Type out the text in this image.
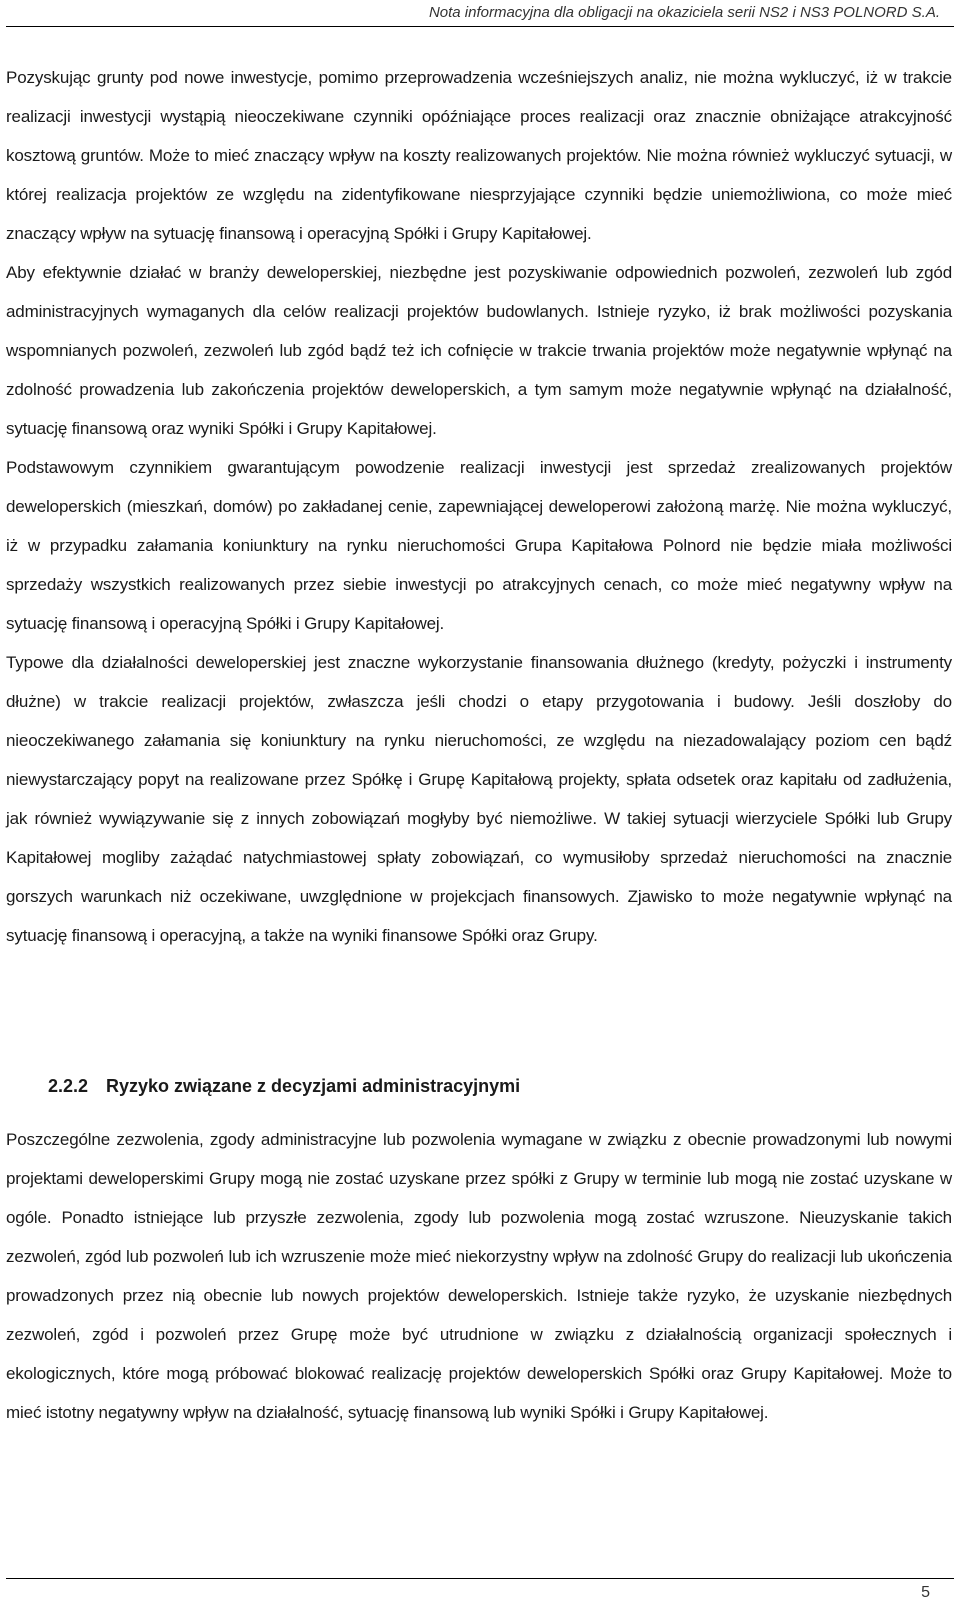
Nota informacyjna dla obligacji na okaziciela serii NS2 i NS3 POLNORD S.A.

Pozyskując grunty pod nowe inwestycje, pomimo przeprowadzenia wcześniejszych analiz, nie można wykluczyć, iż w trakcie realizacji inwestycji wystąpią nieoczekiwane czynniki opóźniające proces realizacji oraz znacznie obniżające atrakcyjność kosztową gruntów. Może to mieć znaczący wpływ na koszty realizowanych projektów. Nie można również wykluczyć sytuacji, w której realizacja projektów ze względu na zidentyfikowane niesprzyjające czynniki będzie uniemożliwiona, co może mieć znaczący wpływ na sytuację finansową i operacyjną Spółki i Grupy Kapitałowej.

Aby efektywnie działać w branży deweloperskiej, niezbędne jest pozyskiwanie odpowiednich pozwoleń, zezwoleń lub zgód administracyjnych wymaganych dla celów realizacji projektów budowlanych. Istnieje ryzyko, iż brak możliwości pozyskania wspomnianych pozwoleń, zezwoleń lub zgód bądź też ich cofnięcie w trakcie trwania projektów może negatywnie wpłynąć na zdolność prowadzenia lub zakończenia projektów deweloperskich, a tym samym może negatywnie wpłynąć na działalność, sytuację finansową oraz wyniki Spółki i Grupy Kapitałowej.

Podstawowym czynnikiem gwarantującym powodzenie realizacji inwestycji jest sprzedaż zrealizowanych projektów deweloperskich (mieszkań, domów) po zakładanej cenie, zapewniającej deweloperowi założoną marżę. Nie można wykluczyć, iż w przypadku załamania koniunktury na rynku nieruchomości Grupa Kapitałowa Polnord nie będzie miała możliwości sprzedaży wszystkich realizowanych przez siebie inwestycji po atrakcyjnych cenach, co może mieć negatywny wpływ na sytuację finansową i operacyjną Spółki i Grupy Kapitałowej.

Typowe dla działalności deweloperskiej jest znaczne wykorzystanie finansowania dłużnego (kredyty, pożyczki i instrumenty dłużne) w trakcie realizacji projektów, zwłaszcza jeśli chodzi o etapy przygotowania i budowy. Jeśli doszłoby do nieoczekiwanego załamania się koniunktury na rynku nieruchomości, ze względu na niezadowalający poziom cen bądź niewystarczający popyt na realizowane przez Spółkę i Grupę Kapitałową projekty, spłata odsetek oraz kapitału od zadłużenia, jak również wywiązywanie się z innych zobowiązań mogłyby być niemożliwe. W takiej sytuacji wierzyciele Spółki lub Grupy Kapitałowej mogliby zażądać natychmiastowej spłaty zobowiązań, co wymusiłoby sprzedaż nieruchomości na znacznie gorszych warunkach niż oczekiwane, uwzględnione w projekcjach finansowych. Zjawisko to może negatywnie wpłynąć na sytuację finansową i operacyjną, a także na wyniki finansowe Spółki oraz Grupy.

2.2.2 Ryzyko związane z decyzjami administracyjnymi

Poszczególne zezwolenia, zgody administracyjne lub pozwolenia wymagane w związku z obecnie prowadzonymi lub nowymi projektami deweloperskimi Grupy mogą nie zostać uzyskane przez spółki z Grupy w terminie lub mogą nie zostać uzyskane w ogóle. Ponadto istniejące lub przyszłe zezwolenia, zgody lub pozwolenia mogą zostać wzruszone. Nieuzyskanie takich zezwoleń, zgód lub pozwoleń lub ich wzruszenie może mieć niekorzystny wpływ na zdolność Grupy do realizacji lub ukończenia prowadzonych przez nią obecnie lub nowych projektów deweloperskich. Istnieje także ryzyko, że uzyskanie niezbędnych zezwoleń, zgód i pozwoleń przez Grupę może być utrudnione w związku z działalnością organizacji społecznych i ekologicznych, które mogą próbować blokować realizację projektów deweloperskich Spółki oraz Grupy Kapitałowej. Może to mieć istotny negatywny wpływ na działalność, sytuację finansową lub wyniki Spółki i Grupy Kapitałowej.

5
